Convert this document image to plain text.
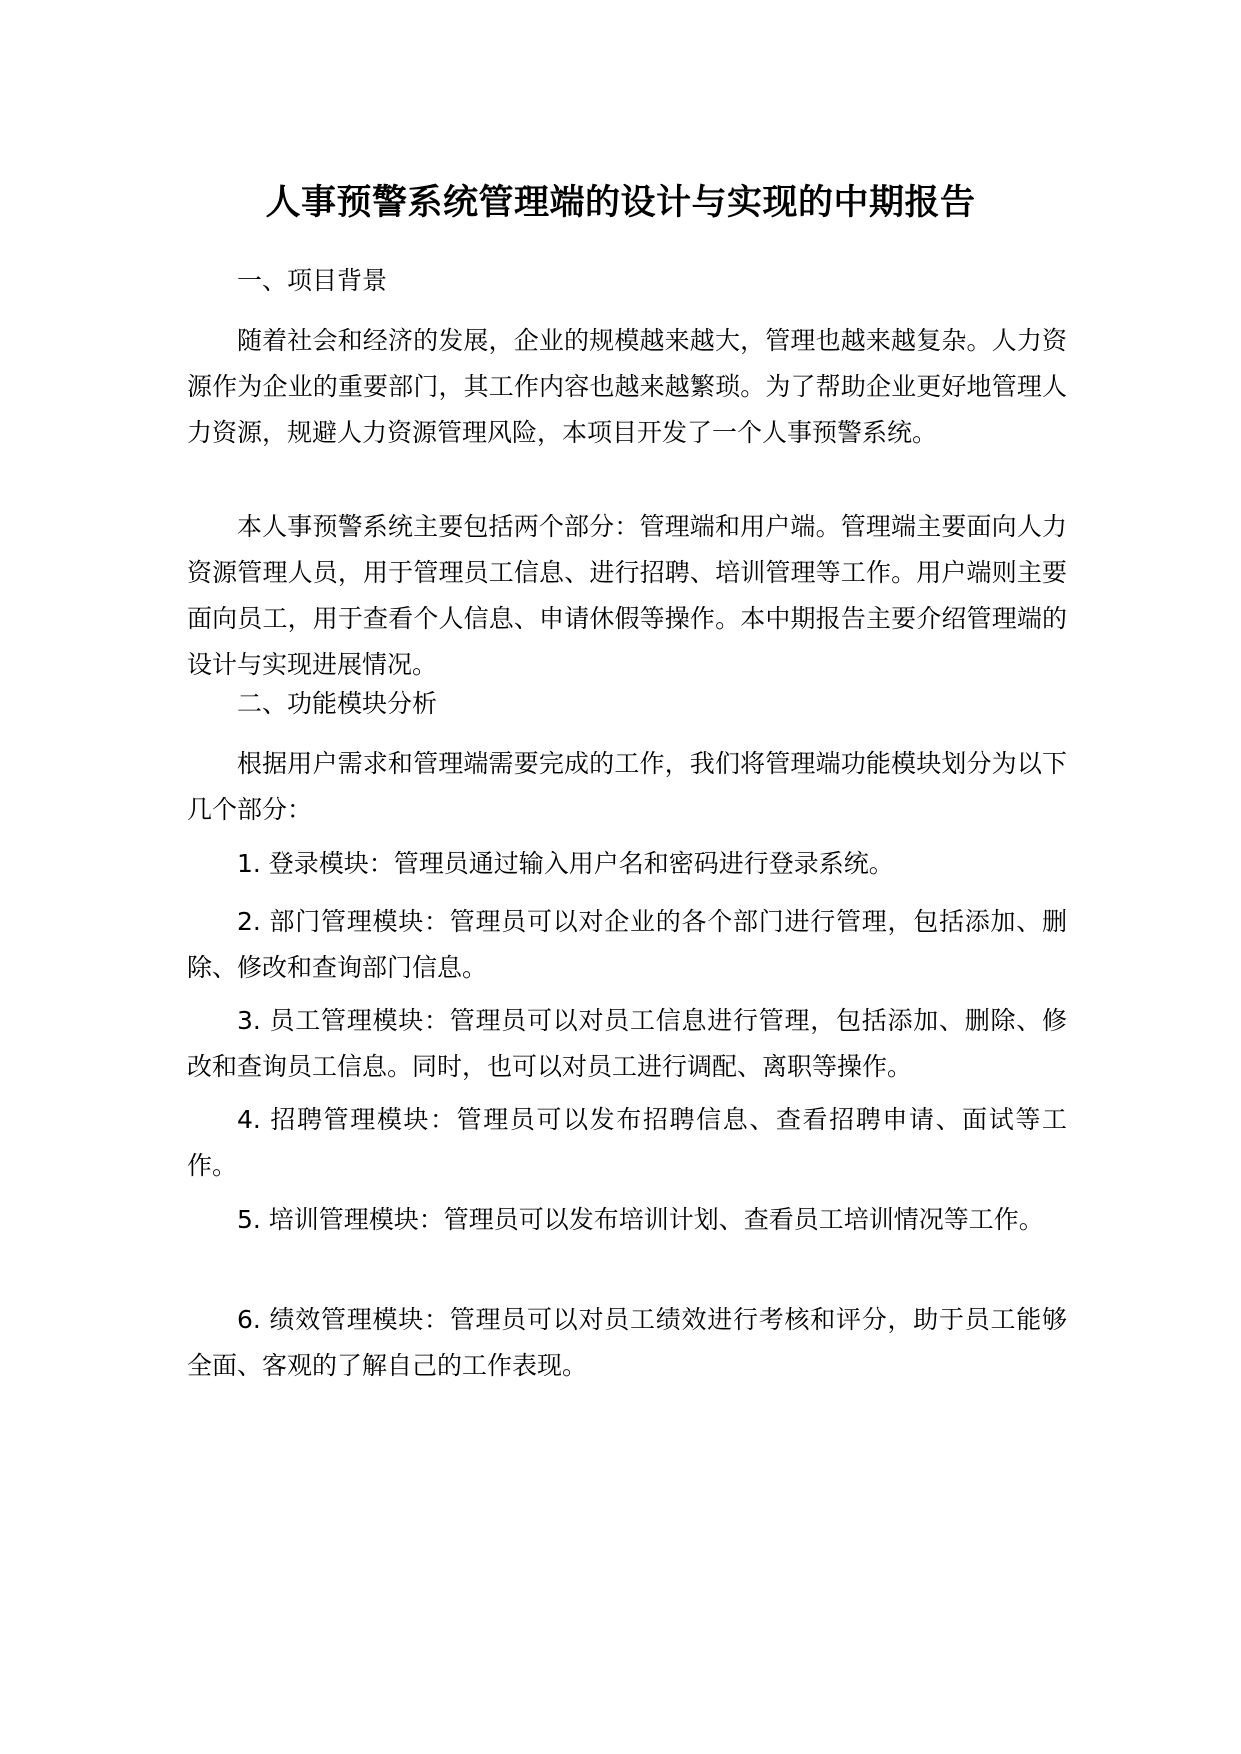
人事预警系统管理端的设计与实现的中期报告

一、项目背景

随着社会和经济的发展，企业的规模越来越大，管理也越来越复杂。人力资源作为企业的重要部门，其工作内容也越来越繁琐。为了帮助企业更好地管理人力资源，规避人力资源管理风险，本项目开发了一个人事预警系统。

本人事预警系统主要包括两个部分：管理端和用户端。管理端主要面向人力资源管理人员，用于管理员工信息、进行招聘、培训管理等工作。用户端则主要面向员工，用于查看个人信息、申请休假等操作。本中期报告主要介绍管理端的设计与实现进展情况。

二、功能模块分析

根据用户需求和管理端需要完成的工作，我们将管理端功能模块划分为以下几个部分：

1. 登录模块：管理员通过输入用户名和密码进行登录系统。

2. 部门管理模块：管理员可以对企业的各个部门进行管理，包括添加、删除、修改和查询部门信息。

3. 员工管理模块：管理员可以对员工信息进行管理，包括添加、删除、修改和查询员工信息。同时，也可以对员工进行调配、离职等操作。

4. 招聘管理模块：管理员可以发布招聘信息、查看招聘申请、面试等工作。

5. 培训管理模块：管理员可以发布培训计划、查看员工培训情况等工作。

6. 绩效管理模块：管理员可以对员工绩效进行考核和评分，助于员工能够全面、客观的了解自己的工作表现。
